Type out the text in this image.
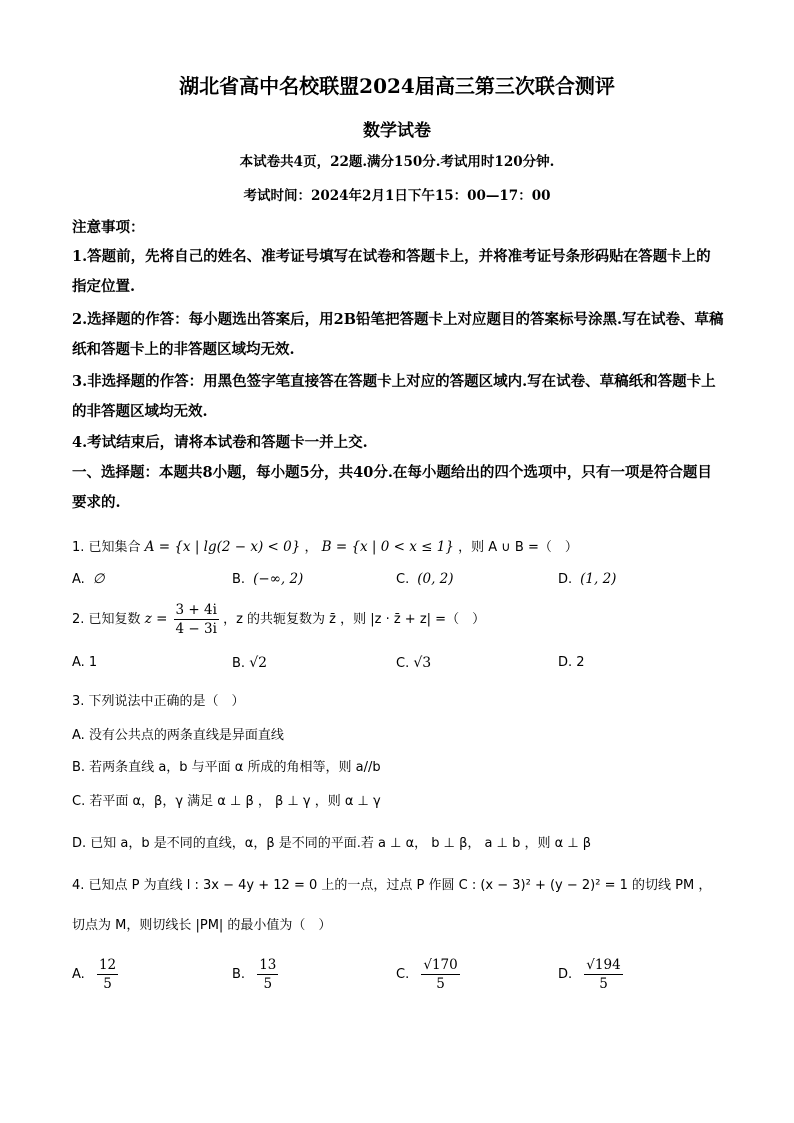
湖北省高中名校联盟2024届高三第三次联合测评
数学试卷
本试卷共4页，22题.满分150分.考试用时120分钟.
考试时间：2024年2月1日下午15：00—17：00
注意事项：
1.答题前，先将自己的姓名、准考证号填写在试卷和答题卡上，并将准考证号条形码贴在答题卡上的指定位置.
2.选择题的作答：每小题选出答案后，用2B铅笔把答题卡上对应题目的答案标号涂黑.写在试卷、草稿纸和答题卡上的非答题区域均无效.
3.非选择题的作答：用黑色签字笔直接答在答题卡上对应的答题区域内.写在试卷、草稿纸和答题卡上的非答题区域均无效.
4.考试结束后，请将本试卷和答题卡一并上交.
一、选择题：本题共8小题，每小题5分，共40分.在每小题给出的四个选项中，只有一项是符合题目要求的.
1. 已知集合 A = {x | lg(2 − x) < 0} ， B = {x | 0 < x ≤ 1} ，则 A ∪ B =（　）
A. ∅	B. (−∞, 2)	C. (0, 2)	D. (1, 2)
2. 已知复数 $z = \frac{3 + 4i}{4 - 3i}$ ，z 的共轭复数为 z̄ ，则 |z · z̄ + z| =（　）
A. 1	B. √2	C. √3	D. 2
3. 下列说法中正确的是（　）
A. 没有公共点的两条直线是异面直线
B. 若两条直线 a，b 与平面 α 所成的角相等，则 a//b
C. 若平面 α，β，γ 满足 α ⊥ β ， β ⊥ γ ，则 α ⊥ γ
D. 已知 a，b 是不同的直线，α，β 是不同的平面.若 a ⊥ α， b ⊥ β， a ⊥ b ，则 α ⊥ β
4. 已知点 P 为直线 l : 3x − 4y + 12 = 0 上的一点，过点 P 作圆 C : (x − 3)² + (y − 2)² = 1 的切线 PM ，
切点为 M，则切线长 |PM| 的最小值为（　）
A. $\frac{12}{5}$	B. $\frac{13}{5}$	C. $\frac{√170}{5}$	D. $\frac{√194}{5}$
